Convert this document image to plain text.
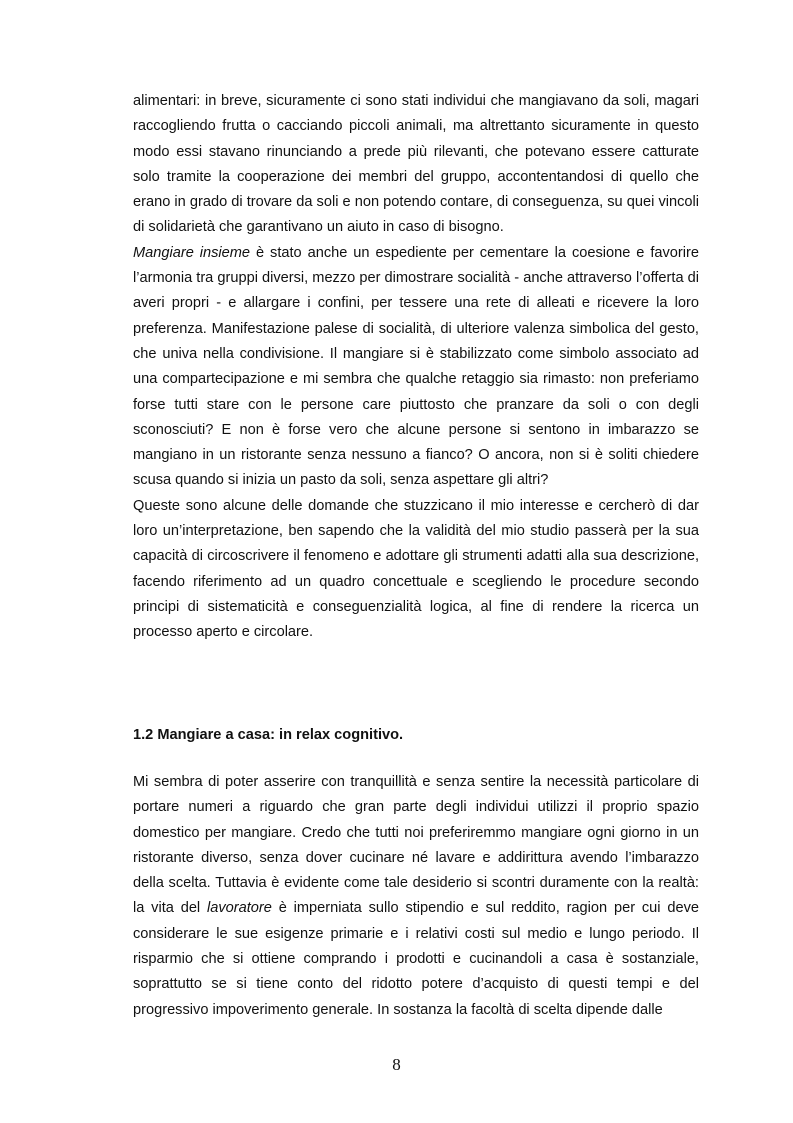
alimentari: in breve, sicuramente ci sono stati individui che mangiavano da soli, magari raccogliendo frutta o cacciando piccoli animali, ma altrettanto sicuramente in questo modo essi stavano rinunciando a prede più rilevanti, che potevano essere catturate solo tramite la cooperazione dei membri del gruppo, accontentandosi di quello che erano in grado di trovare da soli e non potendo contare, di conseguenza, su quei vincoli di solidarietà che garantivano un aiuto in caso di bisogno.

Mangiare insieme è stato anche un espediente per cementare la coesione e favorire l’armonia tra gruppi diversi, mezzo per dimostrare socialità - anche attraverso l’offerta di averi propri - e allargare i confini, per tessere una rete di alleati e ricevere la loro preferenza. Manifestazione palese di socialità, di ulteriore valenza simbolica del gesto, che univa nella condivisione. Il mangiare si è stabilizzato come simbolo associato ad una compartecipazione e mi sembra che qualche retaggio sia rimasto: non preferiamo forse tutti stare con le persone care piuttosto che pranzare da soli o con degli sconosciuti? E non è forse vero che alcune persone si sentono in imbarazzo se mangiano in un ristorante senza nessuno a fianco? O ancora, non si è soliti chiedere scusa quando si inizia un pasto da soli, senza aspettare gli altri?

Queste sono alcune delle domande che stuzzicano il mio interesse e cercherò di dar loro un’interpretazione, ben sapendo che la validità del mio studio passerà per la sua capacità di circoscrivere il fenomeno e adottare gli strumenti adatti alla sua descrizione, facendo riferimento ad un quadro concettuale e scegliendo le procedure secondo principi di sistematicità e conseguenzialità logica, al fine di rendere la ricerca un processo aperto e circolare.

1.2 Mangiare a casa: in relax cognitivo.

Mi sembra di poter asserire con tranquillità e senza sentire la necessità particolare di portare numeri a riguardo che gran parte degli individui utilizzi il proprio spazio domestico per mangiare. Credo che tutti noi preferiremmo mangiare ogni giorno in un ristorante diverso, senza dover cucinare né lavare e addirittura avendo l’imbarazzo della scelta. Tuttavia è evidente come tale desiderio si scontri duramente con la realtà: la vita del lavoratore è imperniata sullo stipendio e sul reddito, ragion per cui deve considerare le sue esigenze primarie e i relativi costi sul medio e lungo periodo. Il risparmio che si ottiene comprando i prodotti e cucinandoli a casa è sostanziale, soprattutto se si tiene conto del ridotto potere d’acquisto di questi tempi e del progressivo impoverimento generale. In sostanza la facoltà di scelta dipende dalle

8
